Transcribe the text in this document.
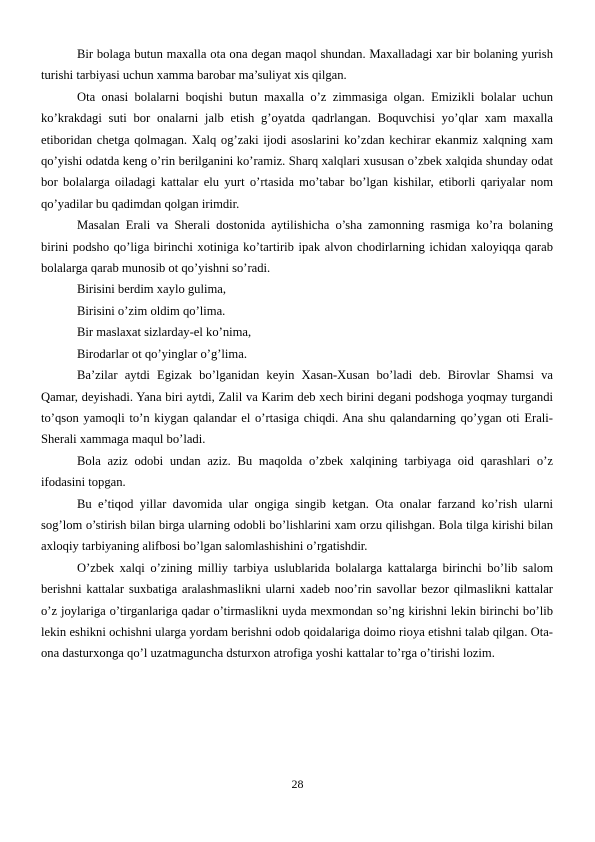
Bir bolaga butun maxalla ota ona degan maqol shundan. Maxalladagi xar bir bolaning yurish turishi tarbiyasi uchun xamma barobar ma’suliyat xis qilgan.

Ota onasi bolalarni boqishi butun maxalla o’z zimmasiga olgan. Emizikli bolalar uchun ko’krakdagi suti bor onalarni jalb etish g’oyatda qadrlangan. Boquvchisi yo’qlar xam maxalla etiboridan chetga qolmagan. Xalq og’zaki ijodi asoslarini ko’zdan kechirar ekanmiz xalqning xam qo’yishi odatda keng o’rin berilganini ko’ramiz. Sharq xalqlari xususan o’zbek xalqida shunday odat bor bolalarga oiladagi kattalar elu yurt o’rtasida mo’tabar bo’lgan kishilar, etiborli qariyalar nom qo’yadilar bu qadimdan qolgan irimdir.

Masalan Erali va Sherali dostonida aytilishicha o’sha zamonning rasmiga ko’ra bolaning birini podsho qo’liga birinchi xotiniga ko’tartirib ipak alvon chodirlarning ichidan xaloyiqqa qarab bolalarga qarab munosib ot qo’yishni so’radi.

Birisini berdim xaylo gulima,

Birisini o’zim oldim qo’lima.

Bir maslaxat sizlarday-el ko’nima,

Birodarlar ot qo’yinglar o’g’lima.

Ba’zilar aytdi Egizak bo’lganidan keyin Xasan-Xusan bo’ladi deb. Birovlar Shamsi va Qamar, deyishadi. Yana biri aytdi, Zalil va Karim deb xech birini degani podshoga yoqmay turgandi to’qson yamoqli to’n kiygan qalandar el o’rtasiga chiqdi. Ana shu qalandarning qo’ygan oti Erali-Sherali xammaga maqul bo’ladi.

Bola aziz odobi undan aziz. Bu maqolda o’zbek xalqining tarbiyaga oid qarashlari o’z ifodasini topgan.

Bu e’tiqod yillar davomida ular ongiga singib ketgan. Ota onalar farzand ko’rish ularni sog’lom o’stirish bilan birga ularning odobli bo’lishlarini xam orzu qilishgan. Bola tilga kirishi bilan axloqiy tarbiyaning alifbosi bo’lgan salomlashishini o’rgatishdir.

O’zbek xalqi o’zining milliy tarbiya uslublarida bolalarga kattalarga birinchi bo’lib salom berishni kattalar suxbatiga aralashmaslikni ularni xadeb noo’rin savollar bezor qilmaslikni kattalar o’z joylariga o’tirganlariga qadar o’tirmaslikni uyda mexmondan so’ng kirishni lekin birinchi bo’lib lekin eshikni ochishni ularga yordam berishni odob qoidalariga doimo rioya etishni talab qilgan. Ota-ona dasturxonga qo’l uzatmaguncha dsturxon atrofiga yoshi kattalar to’rga o’tirishi lozim.

28
